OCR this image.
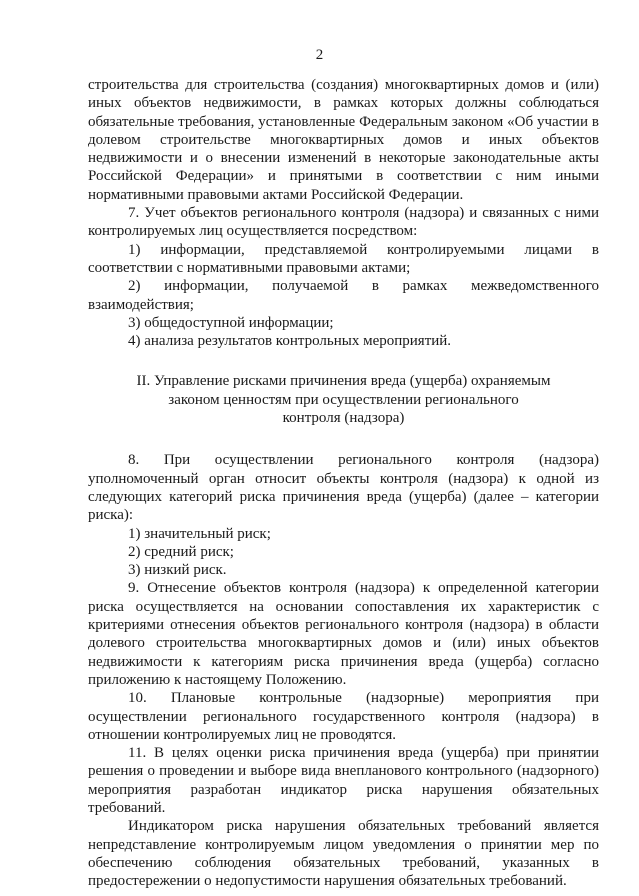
2

строительства для строительства (создания) многоквартирных домов и (или) иных объектов недвижимости, в рамках которых должны соблюдаться обязательные требования, установленные Федеральным законом «Об участии в долевом строительстве многоквартирных домов и иных объектов недвижимости и о внесении изменений в некоторые законодательные акты Российской Федерации» и принятыми в соответствии с ним иными нормативными правовыми актами Российской Федерации.

7. Учет объектов регионального контроля (надзора) и связанных с ними контролируемых лиц осуществляется посредством:

1) информации, представляемой контролируемыми лицами в соответствии с нормативными правовыми актами;

2) информации, получаемой в рамках межведомственного взаимодействия;

3) общедоступной информации;

4) анализа результатов контрольных мероприятий.

II. Управление рисками причинения вреда (ущерба) охраняемым
законом ценностям при осуществлении регионального
контроля (надзора)

8. При осуществлении регионального контроля (надзора) уполномоченный орган относит объекты контроля (надзора) к одной из следующих категорий риска причинения вреда (ущерба) (далее – категории риска):

1) значительный риск;

2) средний риск;

3) низкий риск.

9. Отнесение объектов контроля (надзора) к определенной категории риска осуществляется на основании сопоставления их характеристик с критериями отнесения объектов регионального контроля (надзора) в области долевого строительства многоквартирных домов и (или) иных объектов недвижимости к категориям риска причинения вреда (ущерба) согласно приложению к настоящему Положению.

10. Плановые контрольные (надзорные) мероприятия при осуществлении регионального государственного контроля (надзора) в отношении контролируемых лиц не проводятся.

11. В целях оценки риска причинения вреда (ущерба) при принятии решения о проведении и выборе вида внепланового контрольного (надзорного) мероприятия разработан индикатор риска нарушения обязательных требований.

Индикатором риска нарушения обязательных требований является непредставление контролируемым лицом уведомления о принятии мер по обеспечению соблюдения обязательных требований, указанных в предостережении о недопустимости нарушения обязательных требований.
